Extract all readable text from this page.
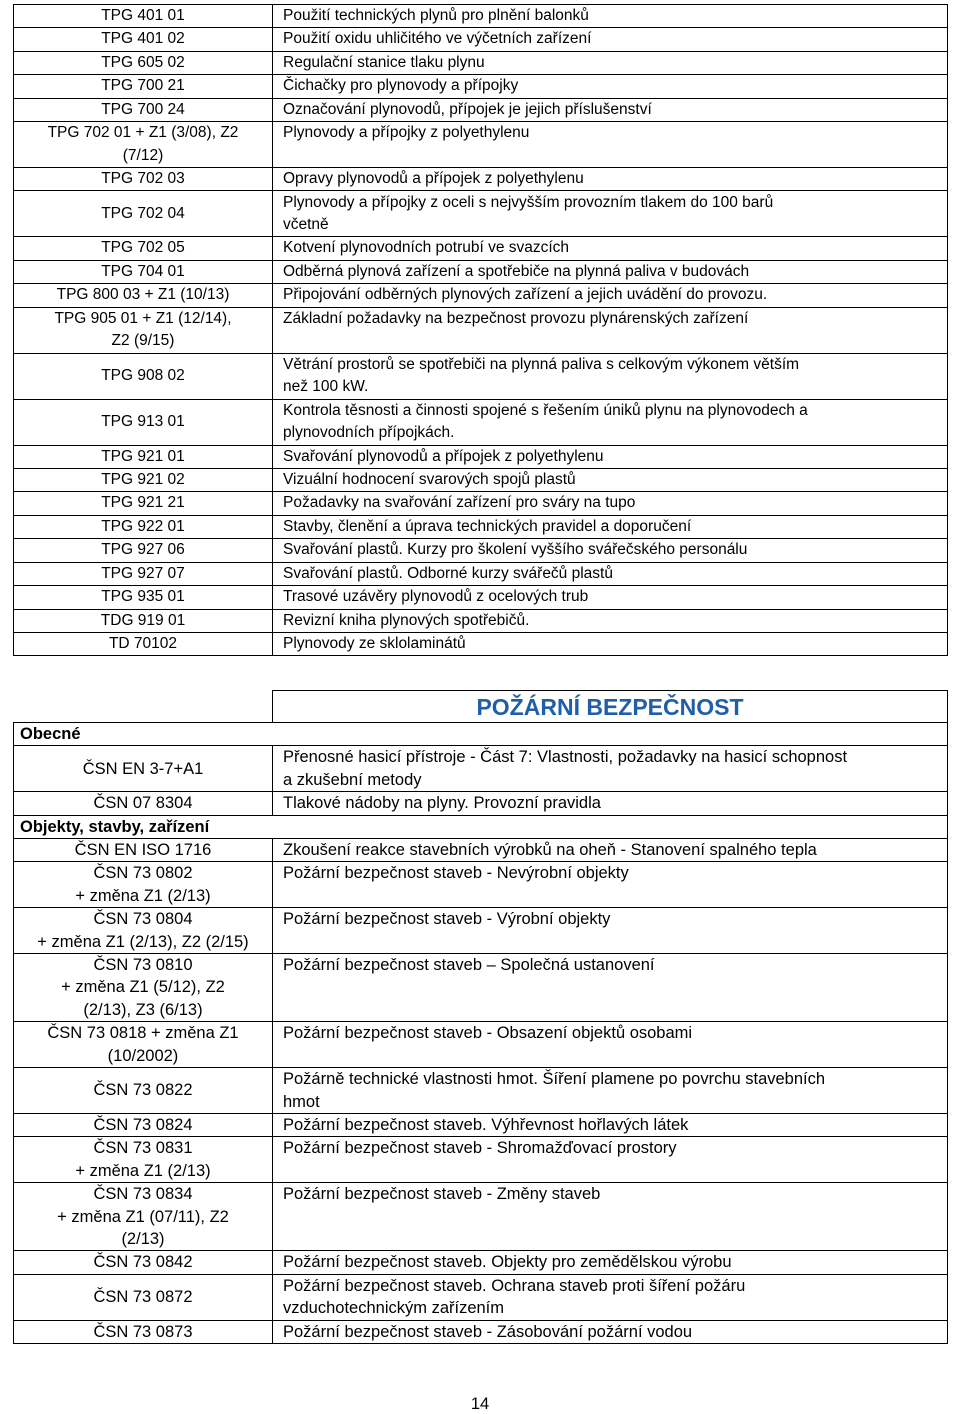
TPG 401 01	Použití technických plynů pro plnění balonků
TPG 401 02	Použití oxidu uhličitého ve výčetních zařízení
TPG 605 02	Regulační stanice tlaku plynu
TPG 700 21	Čichačky pro plynovody a přípojky
TPG 700 24	Označování plynovodů, přípojek je jejich příslušenství
TPG 702 01 + Z1 (3/08), Z2
(7/12)	Plynovody a přípojky z polyethylenu
TPG 702 03	Opravy plynovodů a přípojek z polyethylenu
TPG 702 04	Plynovody a přípojky z oceli s nejvyšším provozním tlakem do 100 barů
včetně
TPG 702 05	Kotvení plynovodních potrubí ve svazcích
TPG 704 01	Odběrná plynová zařízení a spotřebiče na plynná paliva v budovách
TPG 800 03 + Z1 (10/13)	Připojování odběrných plynových zařízení a jejich uvádění do provozu.
TPG 905 01 + Z1 (12/14),
Z2 (9/15)	Základní požadavky na bezpečnost provozu plynárenských zařízení
TPG 908 02	Větrání prostorů se spotřebiči na plynná paliva s celkovým výkonem větším
než 100 kW.
TPG 913 01	Kontrola těsnosti a činnosti spojené s řešením úniků plynu na plynovodech a
plynovodních přípojkách.
TPG 921 01	Svařování plynovodů a přípojek z polyethylenu
TPG 921 02	Vizuální hodnocení svarových spojů plastů
TPG 921 21	Požadavky na svařování zařízení pro sváry na tupo
TPG 922 01	Stavby, členění a úprava technických pravidel a doporučení
TPG 927 06	Svařování plastů. Kurzy pro školení vyššího svářečského personálu
TPG 927 07	Svařování plastů. Odborné kurzy svářečů plastů
TPG 935 01	Trasové uzávěry plynovodů z ocelových trub
TDG 919 01	Revizní kniha plynových spotřebičů.
TD 70102	Plynovody ze sklolaminátů
	POŽÁRNÍ BEZPEČNOST
Obecné	
ČSN EN 3-7+A1	Přenosné hasicí přístroje - Část 7: Vlastnosti, požadavky na hasicí schopnost
a zkušební metody
ČSN 07 8304	Tlakové nádoby na plyny. Provozní pravidla
Objekty, stavby, zařízení	
ČSN EN ISO 1716	Zkoušení reakce stavebních výrobků na oheň - Stanovení spalného tepla
ČSN 73 0802
+ změna Z1 (2/13)	Požární bezpečnost staveb - Nevýrobní objekty
ČSN 73 0804
+ změna Z1 (2/13), Z2 (2/15)	Požární bezpečnost staveb - Výrobní objekty
ČSN 73 0810
+ změna Z1 (5/12), Z2
(2/13), Z3 (6/13)	Požární bezpečnost staveb – Společná ustanovení
ČSN 73 0818 + změna Z1
(10/2002)	Požární bezpečnost staveb - Obsazení objektů osobami
ČSN 73 0822	Požárně technické vlastnosti hmot. Šíření plamene po povrchu stavebních
hmot
ČSN 73 0824	Požární bezpečnost staveb. Výhřevnost hořlavých látek
ČSN 73 0831
+ změna Z1 (2/13)	Požární bezpečnost staveb - Shromažďovací prostory
ČSN 73 0834
+ změna Z1 (07/11), Z2
(2/13)	Požární bezpečnost staveb - Změny staveb
ČSN 73 0842	Požární bezpečnost staveb. Objekty pro zemědělskou výrobu
ČSN 73 0872	Požární bezpečnost staveb. Ochrana staveb proti šíření požáru
vzduchotechnickým zařízením
ČSN 73 0873	Požární bezpečnost staveb - Zásobování požární vodou
14
